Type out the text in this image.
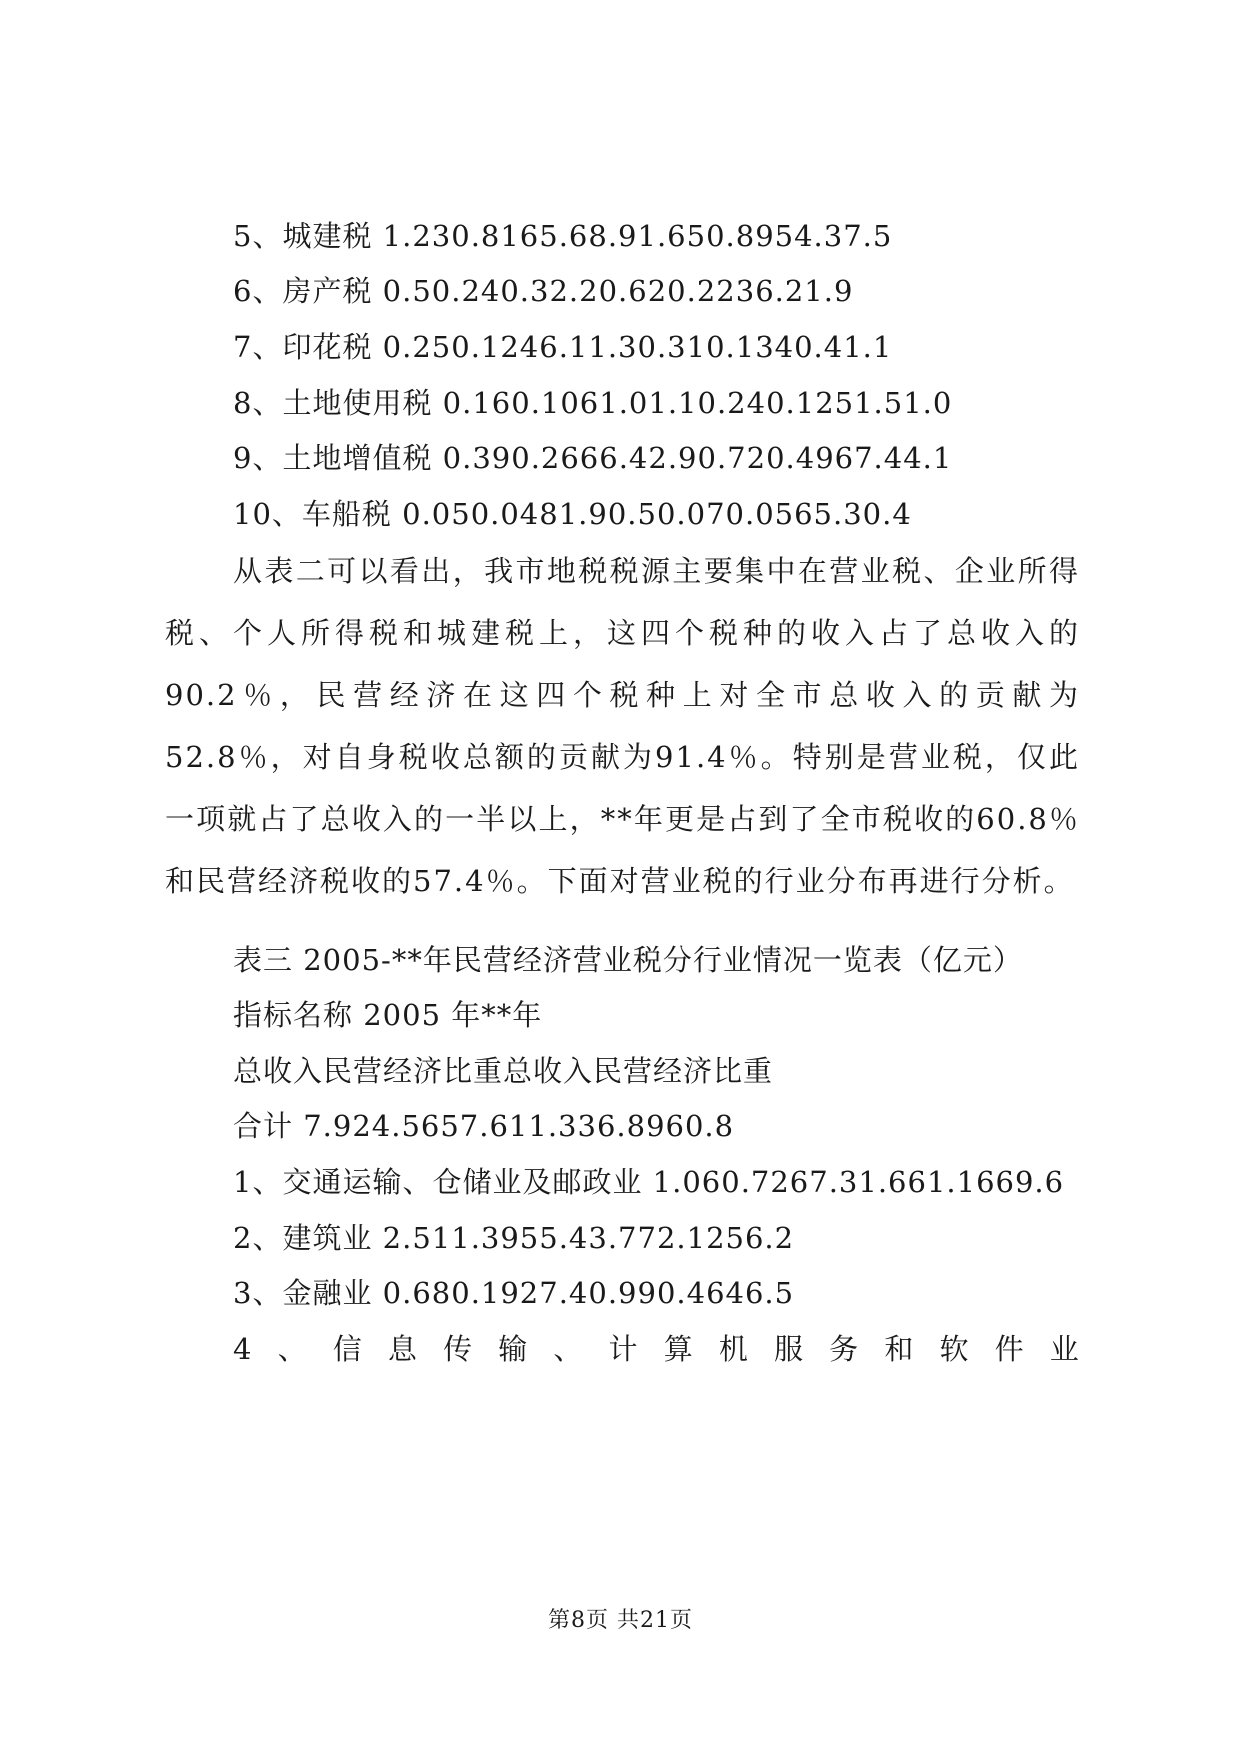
5、城建税 1.230.8165.68.91.650.8954.37.5
6、房产税 0.50.240.32.20.620.2236.21.9
7、印花税 0.250.1246.11.30.310.1340.41.1
8、土地使用税 0.160.1061.01.10.240.1251.51.0
9、土地增值税 0.390.2666.42.90.720.4967.44.1
10、车船税 0.050.0481.90.50.070.0565.30.4
从表二可以看出，我市地税税源主要集中在营业税、企业所得税、个人所得税和城建税上，这四个税种的收入占了总收入的90.2％，民营经济在这四个税种上对全市总收入的贡献为52.8％，对自身税收总额的贡献为91.4％。特别是营业税，仅此一项就占了总收入的一半以上，**年更是占到了全市税收的60.8％和民营经济税收的57.4％。下面对营业税的行业分布再进行分析。
表三 2005-**年民营经济营业税分行业情况一览表（亿元）
指标名称 2005 年**年
总收入民营经济比重总收入民营经济比重
合计 7.924.5657.611.336.8960.8
1、交通运输、仓储业及邮政业 1.060.7267.31.661.1669.6
2、建筑业 2.511.3955.43.772.1256.2
3、金融业 0.680.1927.40.990.4646.5
4 、 信 息 传 输 、 计 算 机 服 务 和 软 件 业
第8页 共21页
